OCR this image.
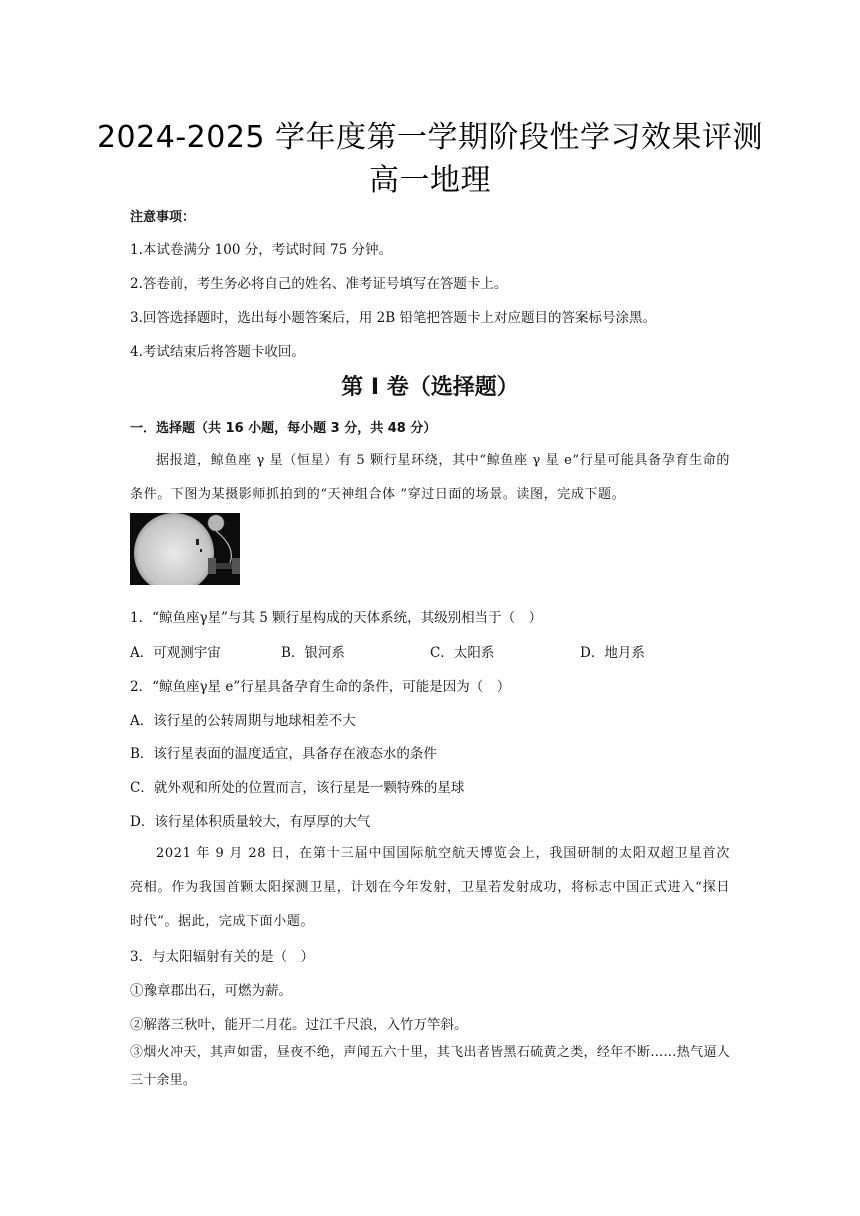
2024-2025 学年度第一学期阶段性学习效果评测
高一地理
注意事项：
1.本试卷满分 100 分，考试时间 75 分钟。
2.答卷前，考生务必将自己的姓名、准考证号填写在答题卡上。
3.回答选择题时，选出每小题答案后，用 2B 铅笔把答题卡上对应题目的答案标号涂黑。
4.考试结束后将答题卡收回。
第 I 卷（选择题）
一．选择题（共 16 小题，每小题 3 分，共 48 分）
据报道，鲸鱼座 γ 星（恒星）有 5 颗行星环绕，其中“鲸鱼座 γ 星 e”行星可能具备孕育生命的条件。下图为某摄影师抓拍到的“天神组合体 ”穿过日面的场景。读图，完成下题。
1．“鲸鱼座γ星”与其 5 颗行星构成的天体系统，其级别相当于（　）
A．可观测宇宙	B．银河系	C．太阳系	D．地月系
2．“鲸鱼座γ星 e”行星具备孕育生命的条件，可能是因为（　）
A．该行星的公转周期与地球相差不大
B．该行星表面的温度适宜，具备存在液态水的条件
C．就外观和所处的位置而言，该行星是一颗特殊的星球
D．该行星体积质量较大，有厚厚的大气
2021 年 9 月 28 日，在第十三届中国国际航空航天博览会上，我国研制的太阳双超卫星首次亮相。作为我国首颗太阳探测卫星，计划在今年发射，卫星若发射成功，将标志中国正式进入“探日时代”。据此，完成下面小题。
3．与太阳辐射有关的是（　）
①豫章郡出石，可燃为薪。
②解落三秋叶，能开二月花。过江千尺浪，入竹万竿斜。
③烟火冲天，其声如雷，昼夜不绝，声闻五六十里，其飞出者皆黑石硫黄之类，经年不断……热气逼人三十余里。
